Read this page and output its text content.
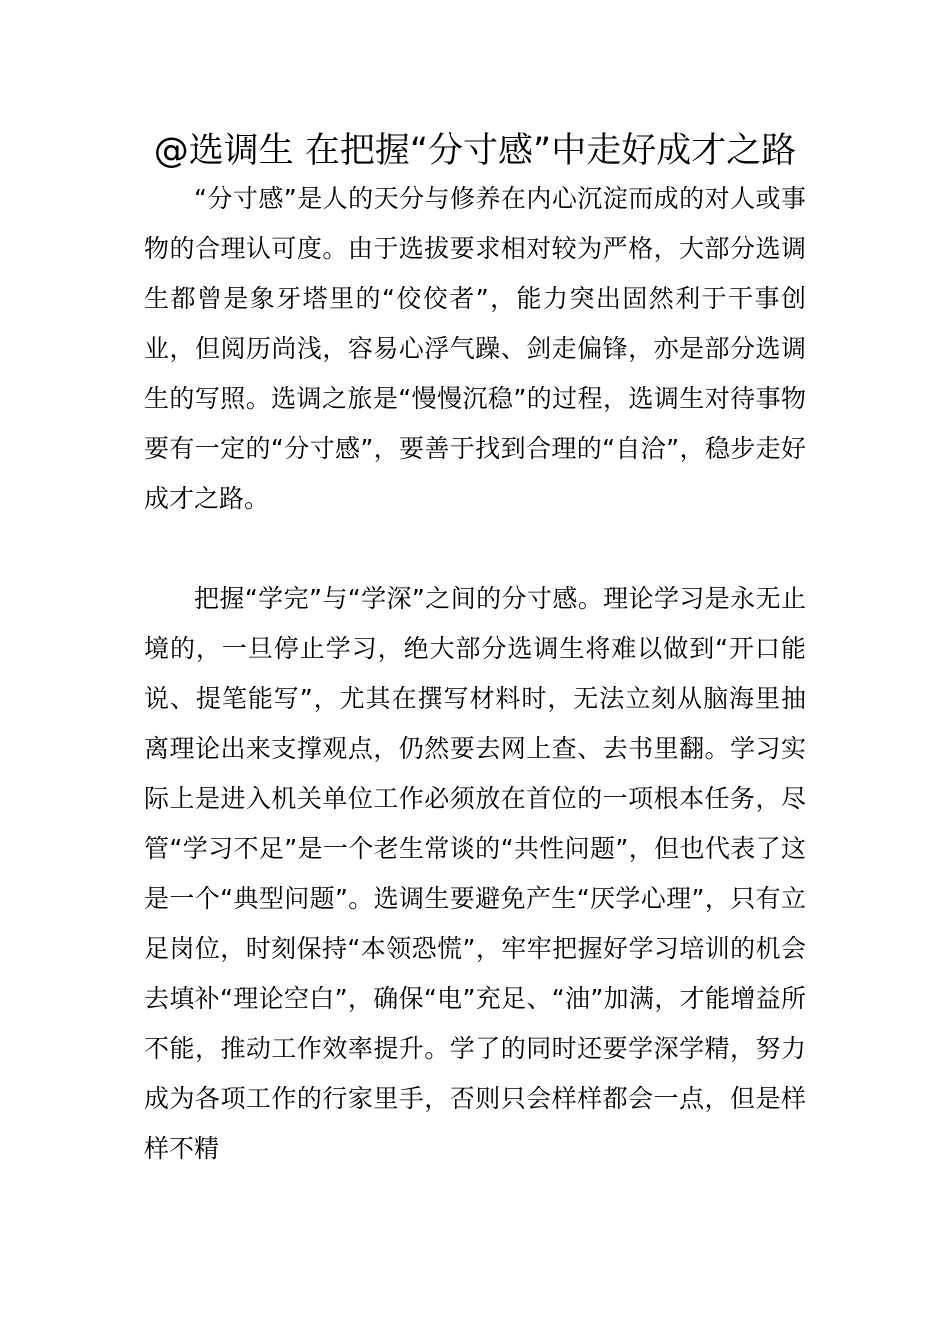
@选调生 在把握“分寸感”中走好成才之路

“分寸感”是人的天分与修养在内心沉淀而成的对人或事物的合理认可度。由于选拔要求相对较为严格，大部分选调生都曾是象牙塔里的“佼佼者”，能力突出固然利于干事创业，但阅历尚浅，容易心浮气躁、剑走偏锋，亦是部分选调生的写照。选调之旅是“慢慢沉稳”的过程，选调生对待事物要有一定的“分寸感”，要善于找到合理的“自洽”，稳步走好成才之路。

把握“学完”与“学深”之间的分寸感。理论学习是永无止境的，一旦停止学习，绝大部分选调生将难以做到“开口能说、提笔能写”，尤其在撰写材料时，无法立刻从脑海里抽离理论出来支撑观点，仍然要去网上查、去书里翻。学习实际上是进入机关单位工作必须放在首位的一项根本任务，尽管“学习不足”是一个老生常谈的“共性问题”，但也代表了这是一个“典型问题”。选调生要避免产生“厌学心理”，只有立足岗位，时刻保持“本领恐慌”，牢牢把握好学习培训的机会去填补“理论空白”，确保“电”充足、“油”加满，才能增益所不能，推动工作效率提升。学了的同时还要学深学精，努力成为各项工作的行家里手，否则只会样样都会一点，但是样样不精
